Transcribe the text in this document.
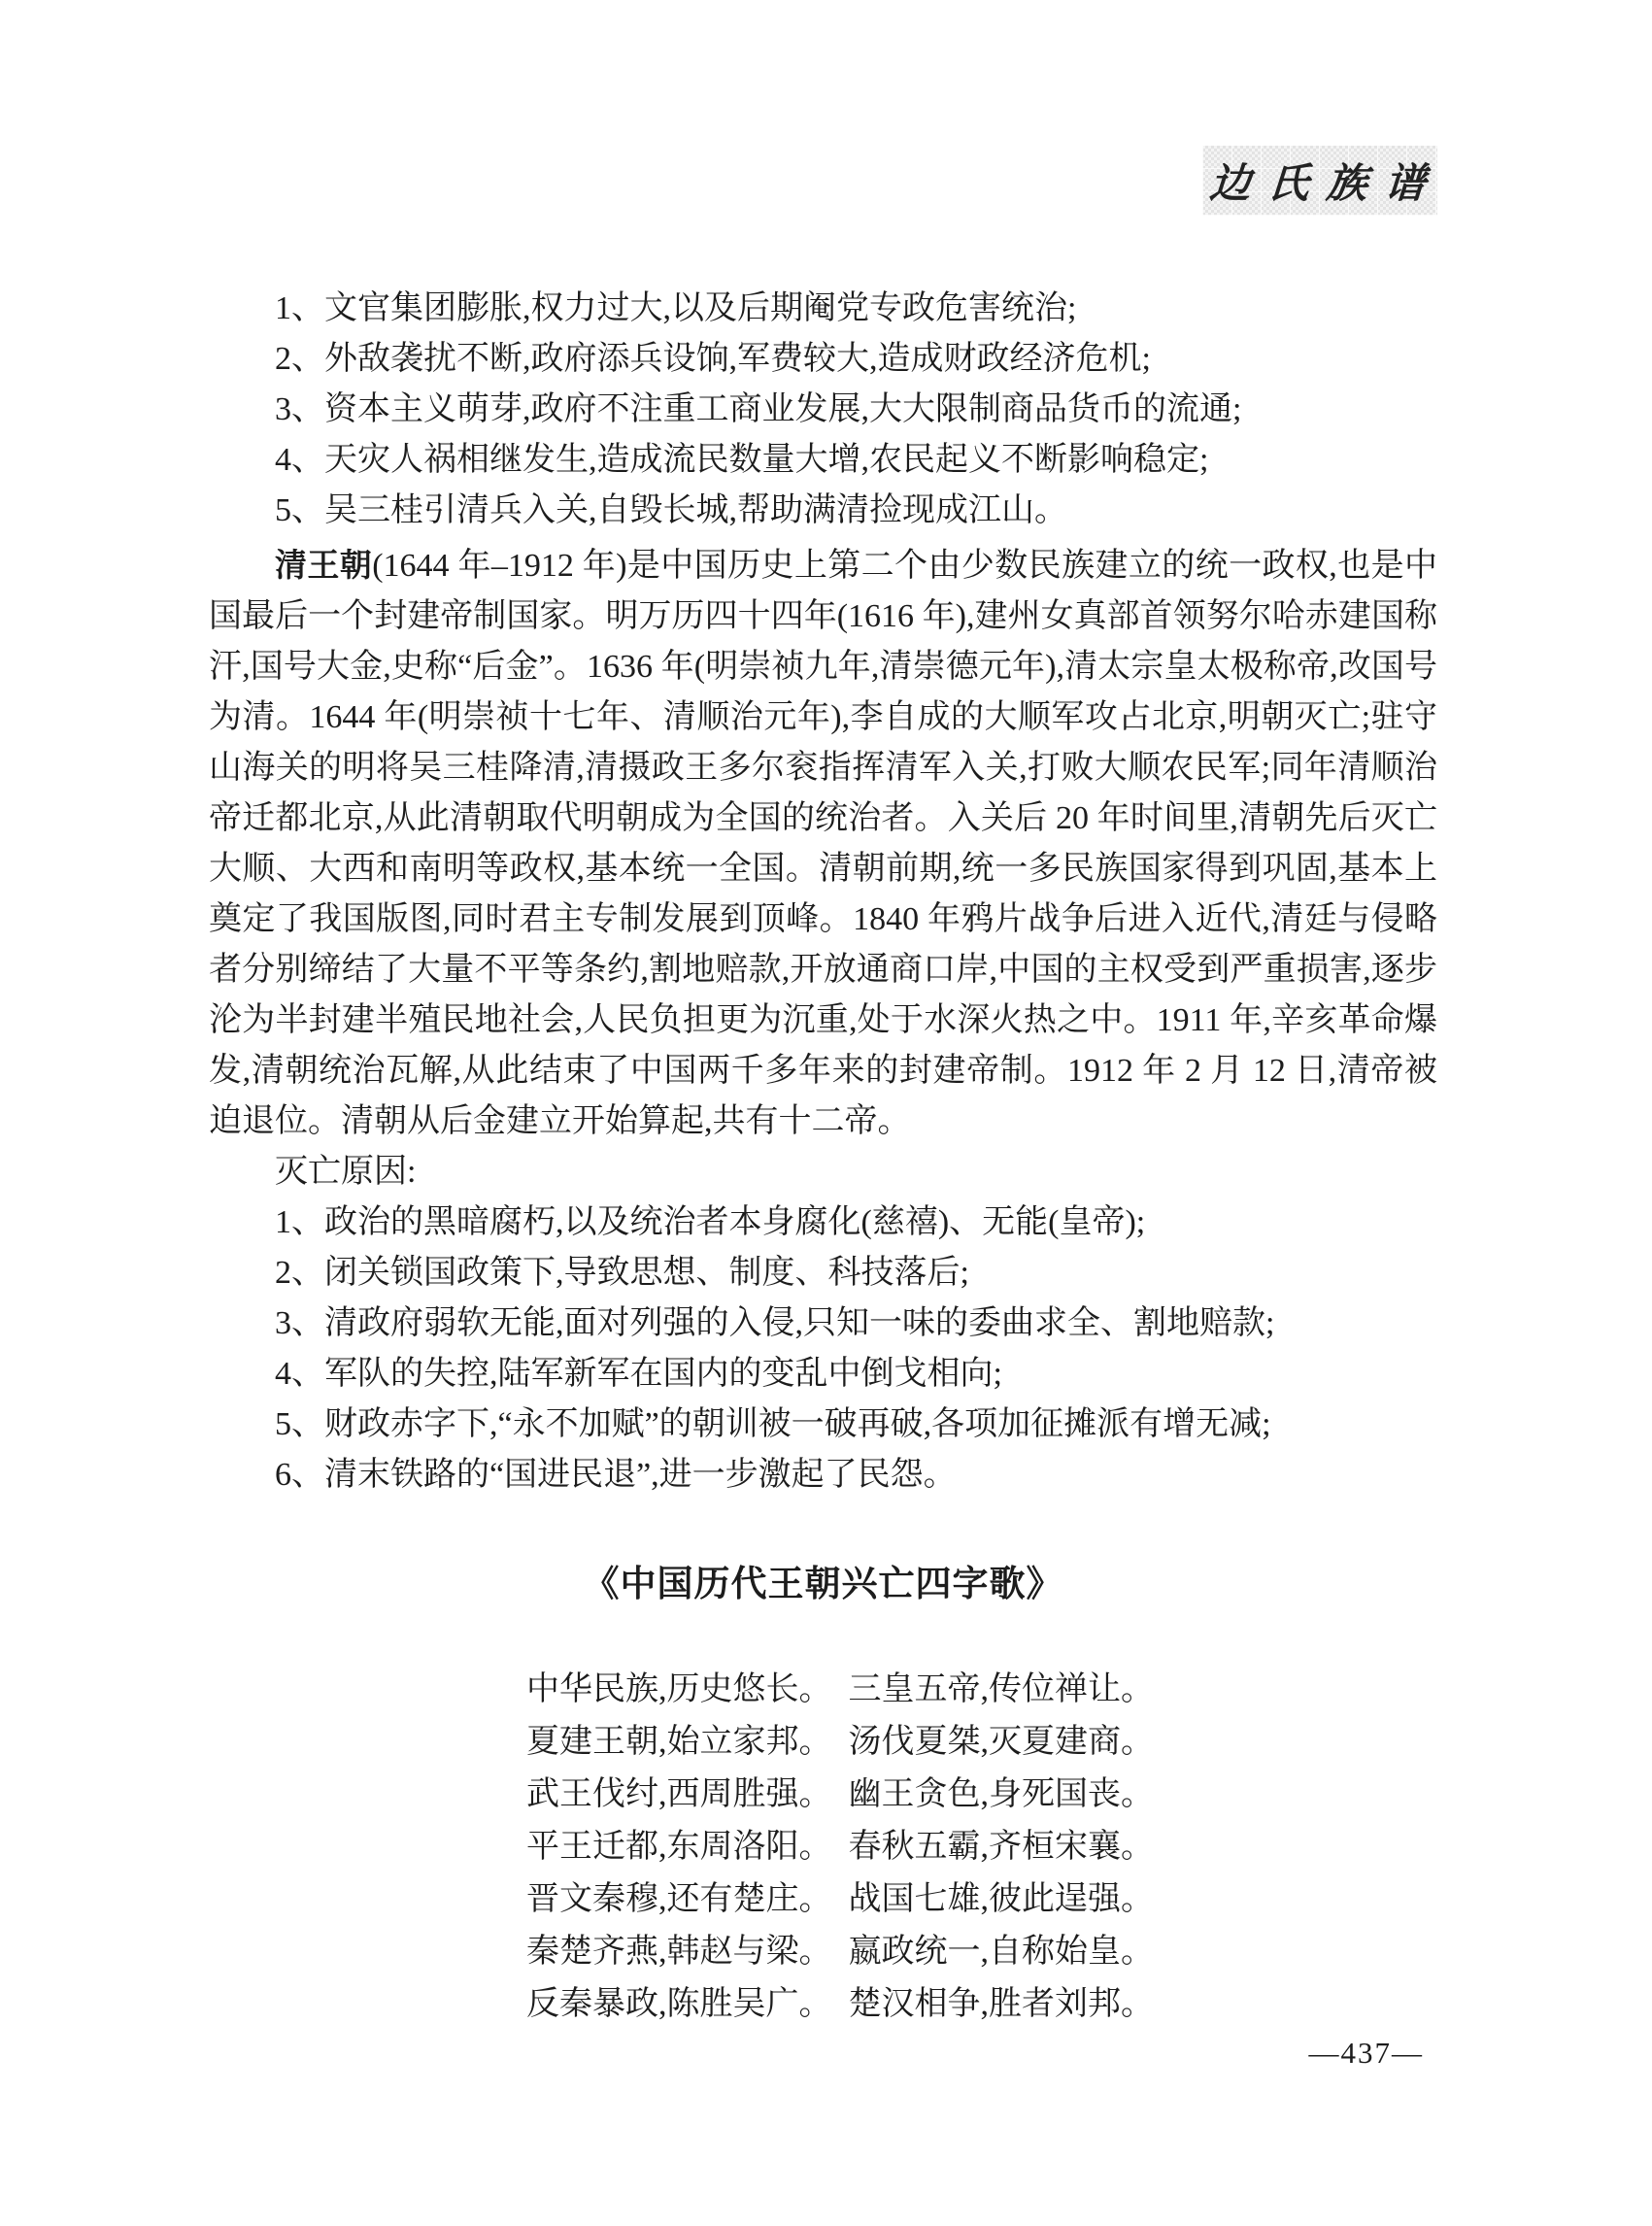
边氏族谱
1、文官集团膨胀,权力过大,以及后期阉党专政危害统治;
2、外敌袭扰不断,政府添兵设饷,军费较大,造成财政经济危机;
3、资本主义萌芽,政府不注重工商业发展,大大限制商品货币的流通;
4、天灾人祸相继发生,造成流民数量大增,农民起义不断影响稳定;
5、吴三桂引清兵入关,自毁长城,帮助满清捡现成江山。

清王朝(1644 年–1912 年)是中国历史上第二个由少数民族建立的统一政权,也是中国最后一个封建帝制国家。明万历四十四年(1616 年),建州女真部首领努尔哈赤建国称汗,国号大金,史称“后金”。1636 年(明崇祯九年,清崇德元年),清太宗皇太极称帝,改国号为清。1644 年(明崇祯十七年、清顺治元年),李自成的大顺军攻占北京,明朝灭亡;驻守山海关的明将吴三桂降清,清摄政王多尔衮指挥清军入关,打败大顺农民军;同年清顺治帝迁都北京,从此清朝取代明朝成为全国的统治者。入关后 20 年时间里,清朝先后灭亡大顺、大西和南明等政权,基本统一全国。清朝前期,统一多民族国家得到巩固,基本上奠定了我国版图,同时君主专制发展到顶峰。1840 年鸦片战争后进入近代,清廷与侵略者分别缔结了大量不平等条约,割地赔款,开放通商口岸,中国的主权受到严重损害,逐步沦为半封建半殖民地社会,人民负担更为沉重,处于水深火热之中。1911 年,辛亥革命爆发,清朝统治瓦解,从此结束了中国两千多年来的封建帝制。1912 年 2 月 12 日,清帝被迫退位。清朝从后金建立开始算起,共有十二帝。

灭亡原因:
1、政治的黑暗腐朽,以及统治者本身腐化(慈禧)、无能(皇帝);
2、闭关锁国政策下,导致思想、制度、科技落后;
3、清政府弱软无能,面对列强的入侵,只知一味的委曲求全、割地赔款;
4、军队的失控,陆军新军在国内的变乱中倒戈相向;
5、财政赤字下,“永不加赋”的朝训被一破再破,各项加征摊派有增无减;
6、清末铁路的“国进民退”,进一步激起了民怨。
《中国历代王朝兴亡四字歌》
中华民族,历史悠长。　三皇五帝,传位禅让。
夏建王朝,始立家邦。　汤伐夏桀,灭夏建商。
武王伐纣,西周胜强。　幽王贪色,身死国丧。
平王迁都,东周洛阳。　春秋五霸,齐桓宋襄。
晋文秦穆,还有楚庄。　战国七雄,彼此逞强。
秦楚齐燕,韩赵与梁。　嬴政统一,自称始皇。
反秦暴政,陈胜吴广。　楚汉相争,胜者刘邦。
—437—
